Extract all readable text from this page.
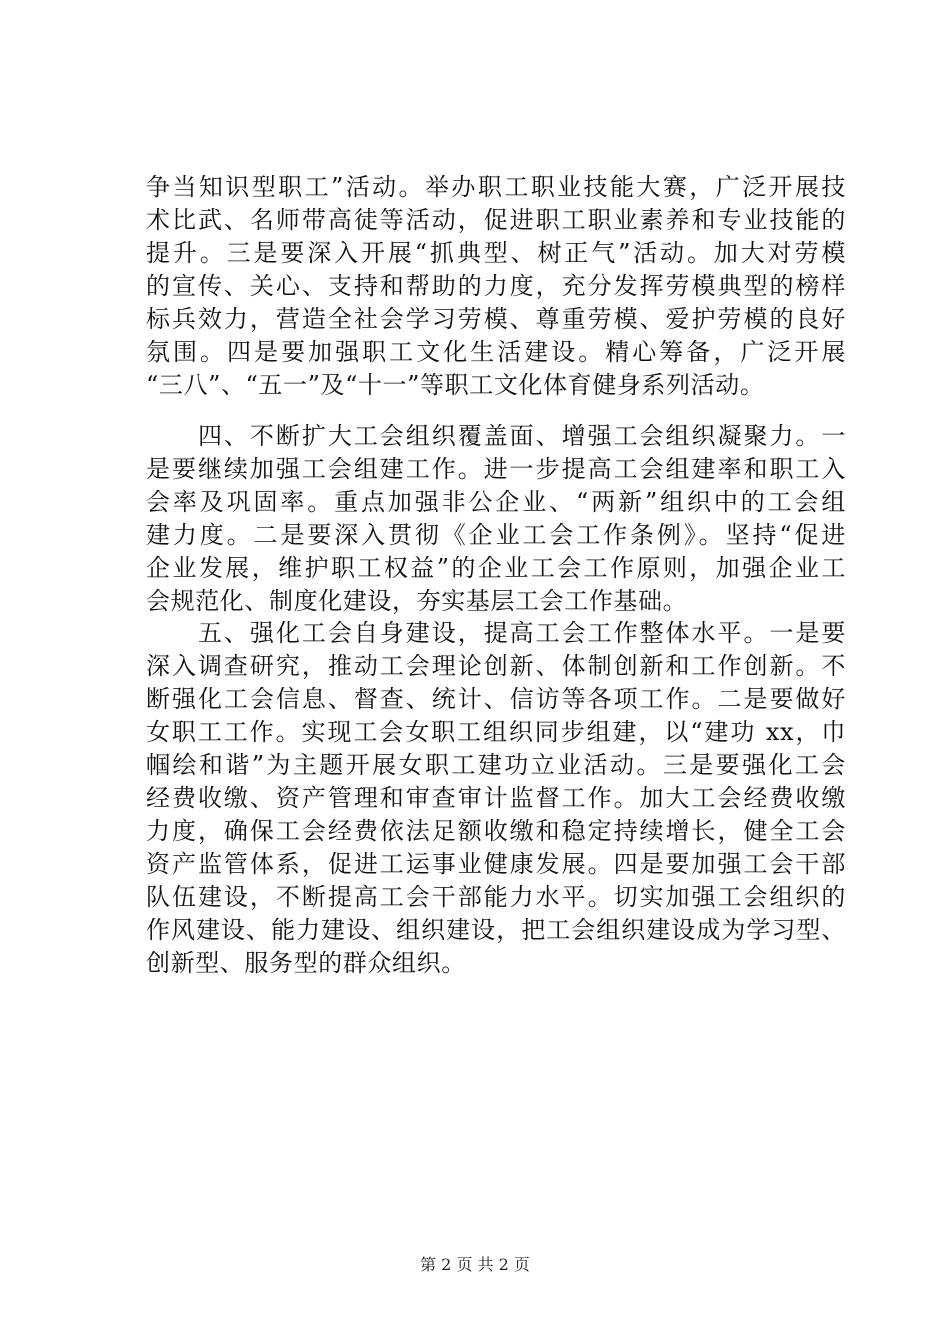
争当知识型职工”活动。举办职工职业技能大赛，广泛开展技
术比武、名师带高徒等活动，促进职工职业素养和专业技能的
提升。三是要深入开展“抓典型、树正气”活动。加大对劳模
的宣传、关心、支持和帮助的力度，充分发挥劳模典型的榜样
标兵效力，营造全社会学习劳模、尊重劳模、爱护劳模的良好
氛围。四是要加强职工文化生活建设。精心筹备，广泛开展
“三八”、“五一”及“十一”等职工文化体育健身系列活动。
　　四、不断扩大工会组织覆盖面、增强工会组织凝聚力。一
是要继续加强工会组建工作。进一步提高工会组建率和职工入
会率及巩固率。重点加强非公企业、“两新”组织中的工会组
建力度。二是要深入贯彻《企业工会工作条例》。坚持“促进
企业发展，维护职工权益”的企业工会工作原则，加强企业工
会规范化、制度化建设，夯实基层工会工作基础。
　　五、强化工会自身建设，提高工会工作整体水平。一是要
深入调查研究，推动工会理论创新、体制创新和工作创新。不
断强化工会信息、督查、统计、信访等各项工作。二是要做好
女职工工作。实现工会女职工组织同步组建，以“建功 xx，巾
帼绘和谐”为主题开展女职工建功立业活动。三是要强化工会
经费收缴、资产管理和审查审计监督工作。加大工会经费收缴
力度，确保工会经费依法足额收缴和稳定持续增长，健全工会
资产监管体系，促进工运事业健康发展。四是要加强工会干部
队伍建设，不断提高工会干部能力水平。切实加强工会组织的
作风建设、能力建设、组织建设，把工会组织建设成为学习型、
创新型、服务型的群众组织。
第 2 页 共 2 页
